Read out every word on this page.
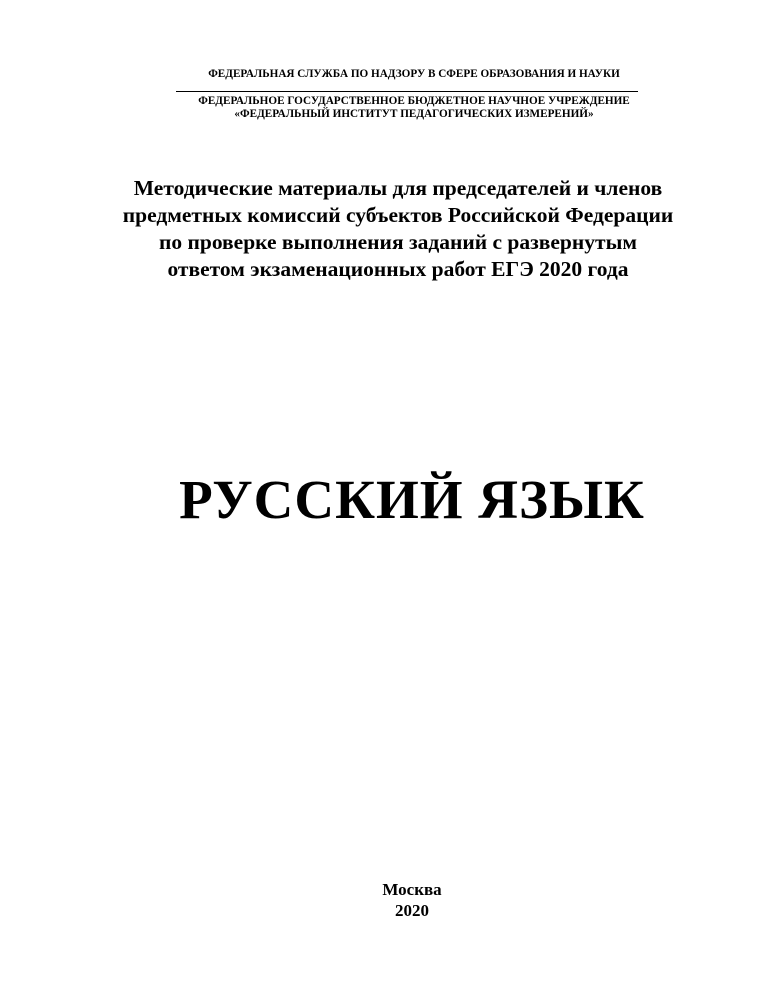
ФЕДЕРАЛЬНАЯ СЛУЖБА ПО НАДЗОРУ В СФЕРЕ ОБРАЗОВАНИЯ И НАУКИ
ФЕДЕРАЛЬНОЕ ГОСУДАРСТВЕННОЕ БЮДЖЕТНОЕ НАУЧНОЕ УЧРЕЖДЕНИЕ
«ФЕДЕРАЛЬНЫЙ ИНСТИТУТ ПЕДАГОГИЧЕСКИХ ИЗМЕРЕНИЙ»
Методические материалы для председателей и членов
предметных комиссий субъектов Российской Федерации
по проверке выполнения заданий с развернутым
ответом экзаменационных работ ЕГЭ 2020 года
РУССКИЙ ЯЗЫК
Москва
2020
